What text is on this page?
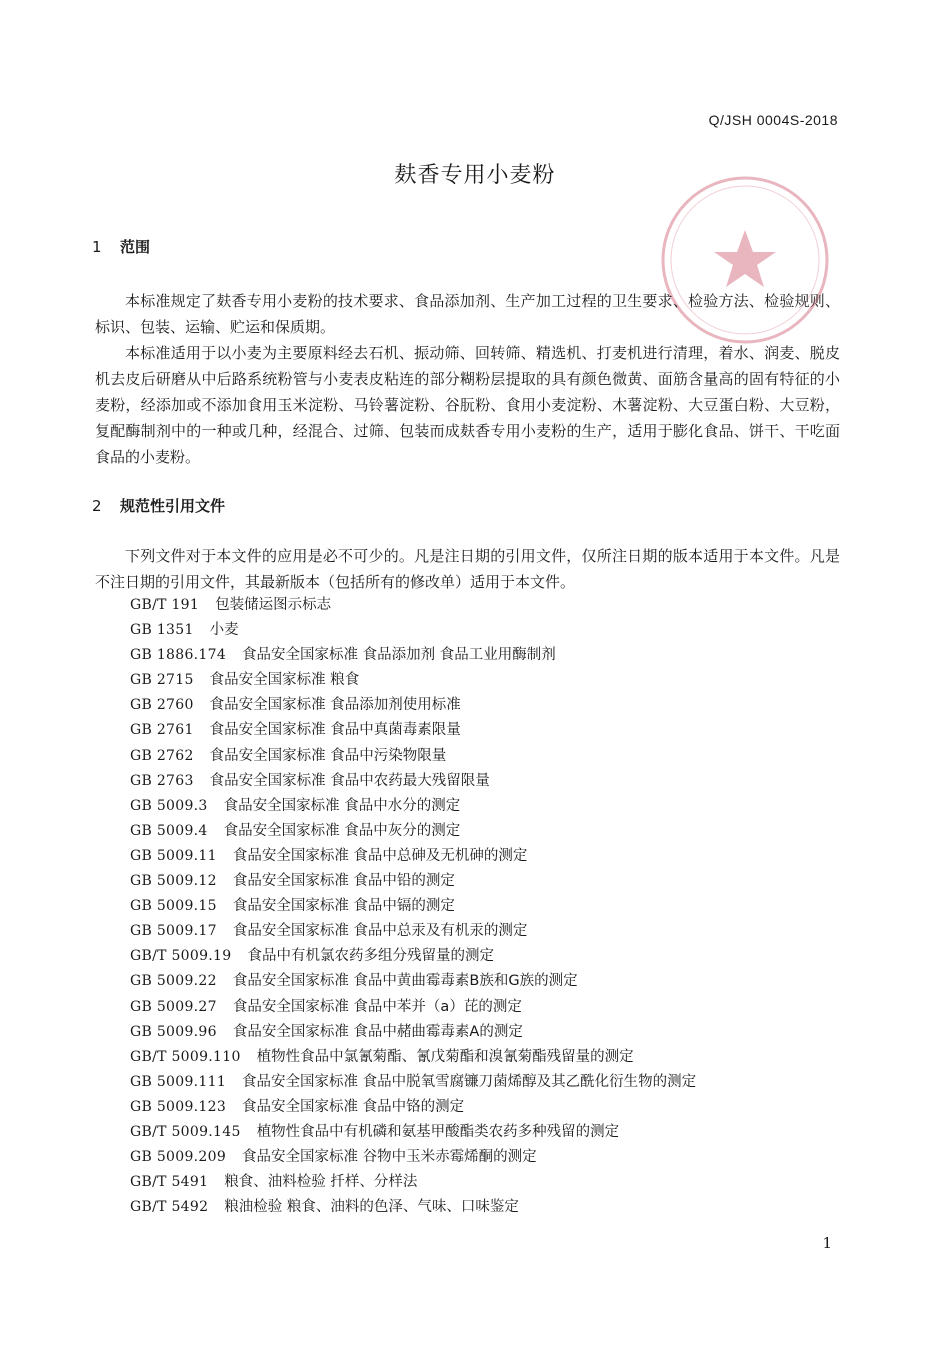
Q/JSH 0004S-2018
麸香专用小麦粉
1 范围

本标准规定了麸香专用小麦粉的技术要求、食品添加剂、生产加工过程的卫生要求、检验方法、检验规则、标识、包装、运输、贮运和保质期。

本标准适用于以小麦为主要原料经去石机、振动筛、回转筛、精选机、打麦机进行清理，着水、润麦、脱皮机去皮后研磨从中后路系统粉管与小麦表皮粘连的部分糊粉层提取的具有颜色微黄、面筋含量高的固有特征的小麦粉，经添加或不添加食用玉米淀粉、马铃薯淀粉、谷朊粉、食用小麦淀粉、木薯淀粉、大豆蛋白粉、大豆粉，复配酶制剂中的一种或几种，经混合、过筛、包装而成麸香专用小麦粉的生产，适用于膨化食品、饼干、干吃面食品的小麦粉。

2 规范性引用文件

下列文件对于本文件的应用是必不可少的。凡是注日期的引用文件，仅所注日期的版本适用于本文件。凡是不注日期的引用文件，其最新版本（包括所有的修改单）适用于本文件。

GB/T 191 包装储运图示标志
GB 1351 小麦
GB 1886.174 食品安全国家标准 食品添加剂 食品工业用酶制剂
GB 2715 食品安全国家标准 粮食
GB 2760 食品安全国家标准 食品添加剂使用标准
GB 2761 食品安全国家标准 食品中真菌毒素限量
GB 2762 食品安全国家标准 食品中污染物限量
GB 2763 食品安全国家标准 食品中农药最大残留限量
GB 5009.3 食品安全国家标准 食品中水分的测定
GB 5009.4 食品安全国家标准 食品中灰分的测定
GB 5009.11 食品安全国家标准 食品中总砷及无机砷的测定
GB 5009.12 食品安全国家标准 食品中铅的测定
GB 5009.15 食品安全国家标准 食品中镉的测定
GB 5009.17 食品安全国家标准 食品中总汞及有机汞的测定
GB/T 5009.19 食品中有机氯农药多组分残留量的测定
GB 5009.22 食品安全国家标准 食品中黄曲霉毒素B族和G族的测定
GB 5009.27 食品安全国家标准 食品中苯并（a）芘的测定
GB 5009.96 食品安全国家标准 食品中赭曲霉毒素A的测定
GB/T 5009.110 植物性食品中氯氰菊酯、氰戊菊酯和溴氰菊酯残留量的测定
GB 5009.111 食品安全国家标准 食品中脱氧雪腐镰刀菌烯醇及其乙酰化衍生物的测定
GB 5009.123 食品安全国家标准 食品中铬的测定
GB/T 5009.145 植物性食品中有机磷和氨基甲酸酯类农药多种残留的测定
GB 5009.209 食品安全国家标准 谷物中玉米赤霉烯酮的测定
GB/T 5491 粮食、油料检验 扦样、分样法
GB/T 5492 粮油检验 粮食、油料的色泽、气味、口味鉴定
1
